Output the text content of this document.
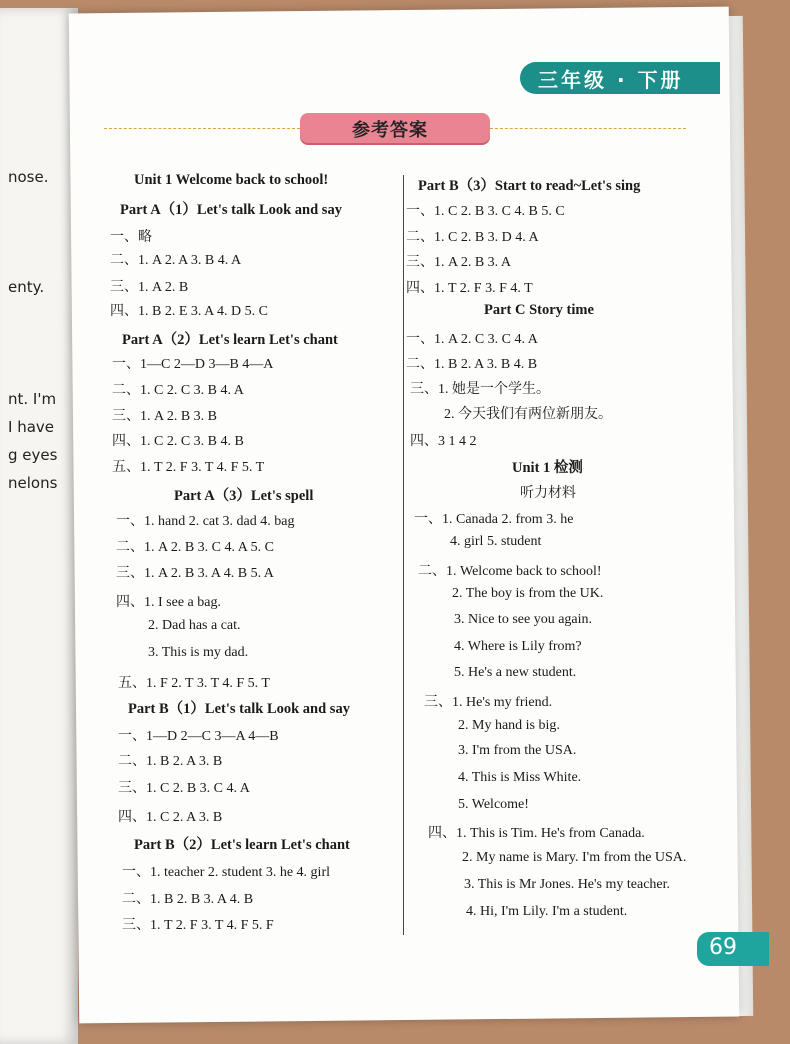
nose.
enty.
nt. I'm
I have
g eyes
nelons
三年级 · 下册
参考答案
Unit 1 Welcome back to school!
Part A（1）Let's talk Look and say
一、略
二、1. A 2. A 3. B 4. A
三、1. A 2. B
四、1. B 2. E 3. A 4. D 5. C
Part A（2）Let's learn Let's chant
一、1—C 2—D 3—B 4—A
二、1. C 2. C 3. B 4. A
三、1. A 2. B 3. B
四、1. C 2. C 3. B 4. B
五、1. T 2. F 3. T 4. F 5. T
Part A（3）Let's spell
一、1. hand 2. cat 3. dad 4. bag
二、1. A 2. B 3. C 4. A 5. C
三、1. A 2. B 3. A 4. B 5. A
四、1. I see a bag.
2. Dad has a cat.
3. This is my dad.
五、1. F 2. T 3. T 4. F 5. T
Part B（1）Let's talk Look and say
一、1—D 2—C 3—A 4—B
二、1. B 2. A 3. B
三、1. C 2. B 3. C 4. A
四、1. C 2. A 3. B
Part B（2）Let's learn Let's chant
一、1. teacher 2. student 3. he 4. girl
二、1. B 2. B 3. A 4. B
三、1. T 2. F 3. T 4. F 5. F
Part B（3）Start to read~Let's sing
一、1. C 2. B 3. C 4. B 5. C
二、1. C 2. B 3. D 4. A
三、1. A 2. B 3. A
四、1. T 2. F 3. F 4. T
Part C Story time
一、1. A 2. C 3. C 4. A
二、1. B 2. A 3. B 4. B
三、1. 她是一个学生。
2. 今天我们有两位新朋友。
四、3 1 4 2
Unit 1 检测
听力材料
一、1. Canada 2. from 3. he
4. girl 5. student
二、1. Welcome back to school!
2. The boy is from the UK.
3. Nice to see you again.
4. Where is Lily from?
5. He's a new student.
三、1. He's my friend.
2. My hand is big.
3. I'm from the USA.
4. This is Miss White.
5. Welcome!
四、1. This is Tim. He's from Canada.
2. My name is Mary. I'm from the USA.
3. This is Mr Jones. He's my teacher.
4. Hi, I'm Lily. I'm a student.
69
